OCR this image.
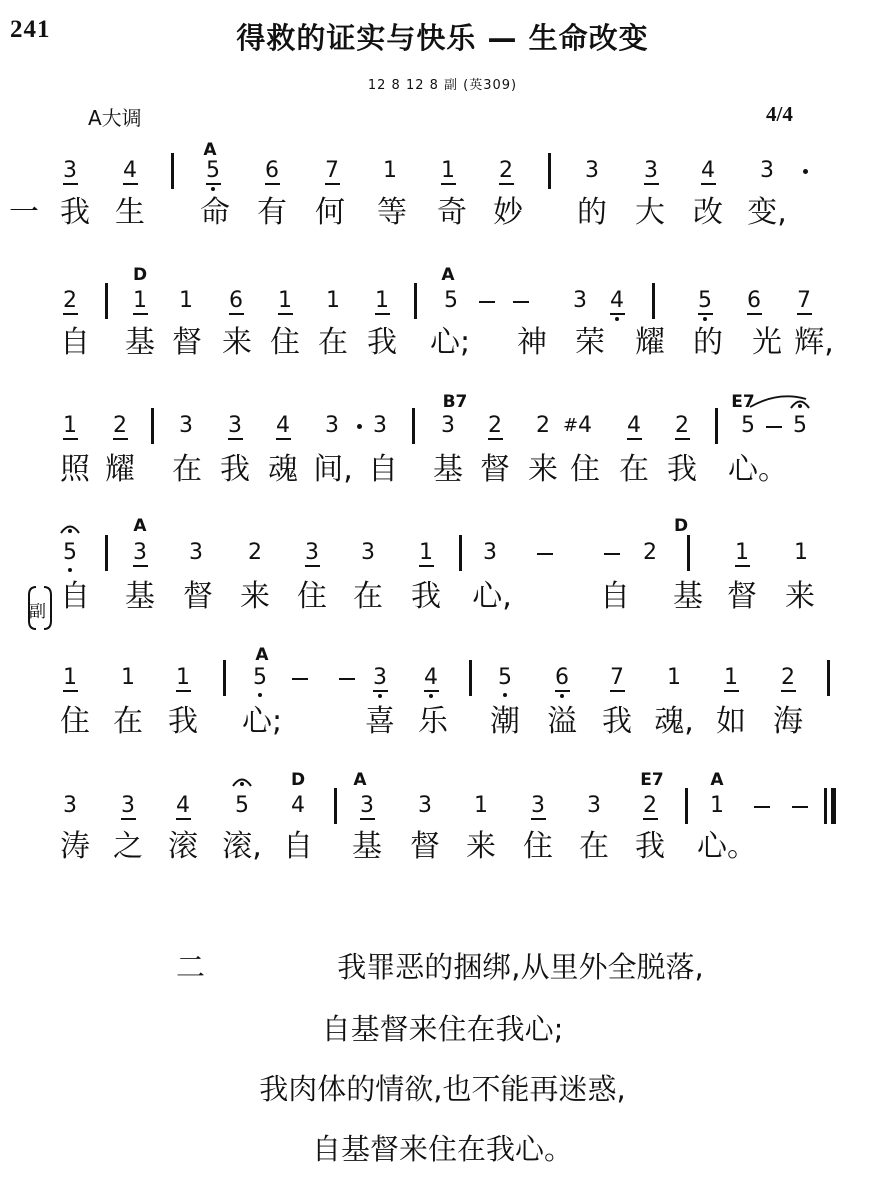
241	得救的证实与快乐 — 生命改变
12 8 12 8 副 (英309)
A大调	4/4
3	4	5	6	7	1	1	2	3	3	4	3
A
我 生 命 有 何 等 奇 妙 的 大 改 变,
2	1	1	6	1	1	1	5	3	4	5	6	7
D	A
自 基 督 来 住 在 我 心; 神 荣 耀 的 光 辉,
1	2	3	3	4	3	3	3	2	2 # 4	4	2	5	5
B7	E7
照 耀 在 我 魂 间, 自 基 督 来 住 在 我 心。
5	3	3	2	3	3	1	3	2	1	1
A	D
自 基 督 来 住 在 我 心,	自 基 督 来
1	1	1	5	3	4	5	6	7	1	1	2
A
住 在 我 心;	喜 乐 潮 溢 我 魂, 如 海
3	3	4	5	4	3	3	1	3	3	2	1
D	A	E7	A
涛 之 滚 滚, 自 基 督 来 住 在 我 心。
一
副
二	我罪恶的捆绑,从里外全脱落,
自基督来住在我心;
我肉体的情欲,也不能再迷惑,
自基督来住在我心。
